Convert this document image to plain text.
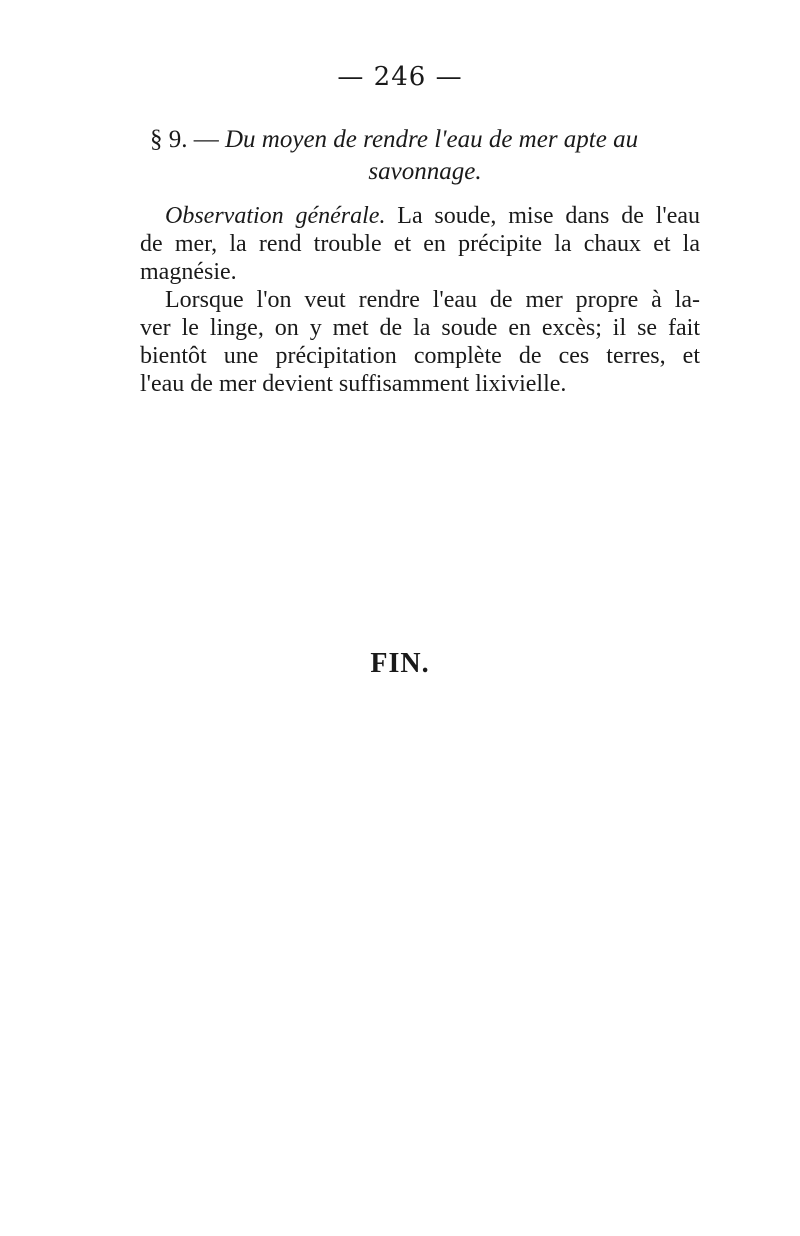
— 246 —
§ 9. — Du moyen de rendre l'eau de mer apte au
savonnage.
Observation générale. La soude, mise dans de l'eau
de mer, la rend trouble et en précipite la chaux et la
magnésie.
Lorsque l'on veut rendre l'eau de mer propre à la-
ver le linge, on y met de la soude en excès; il se fait
bientôt une précipitation complète de ces terres, et
l'eau de mer devient suffisamment lixivielle.
FIN.
